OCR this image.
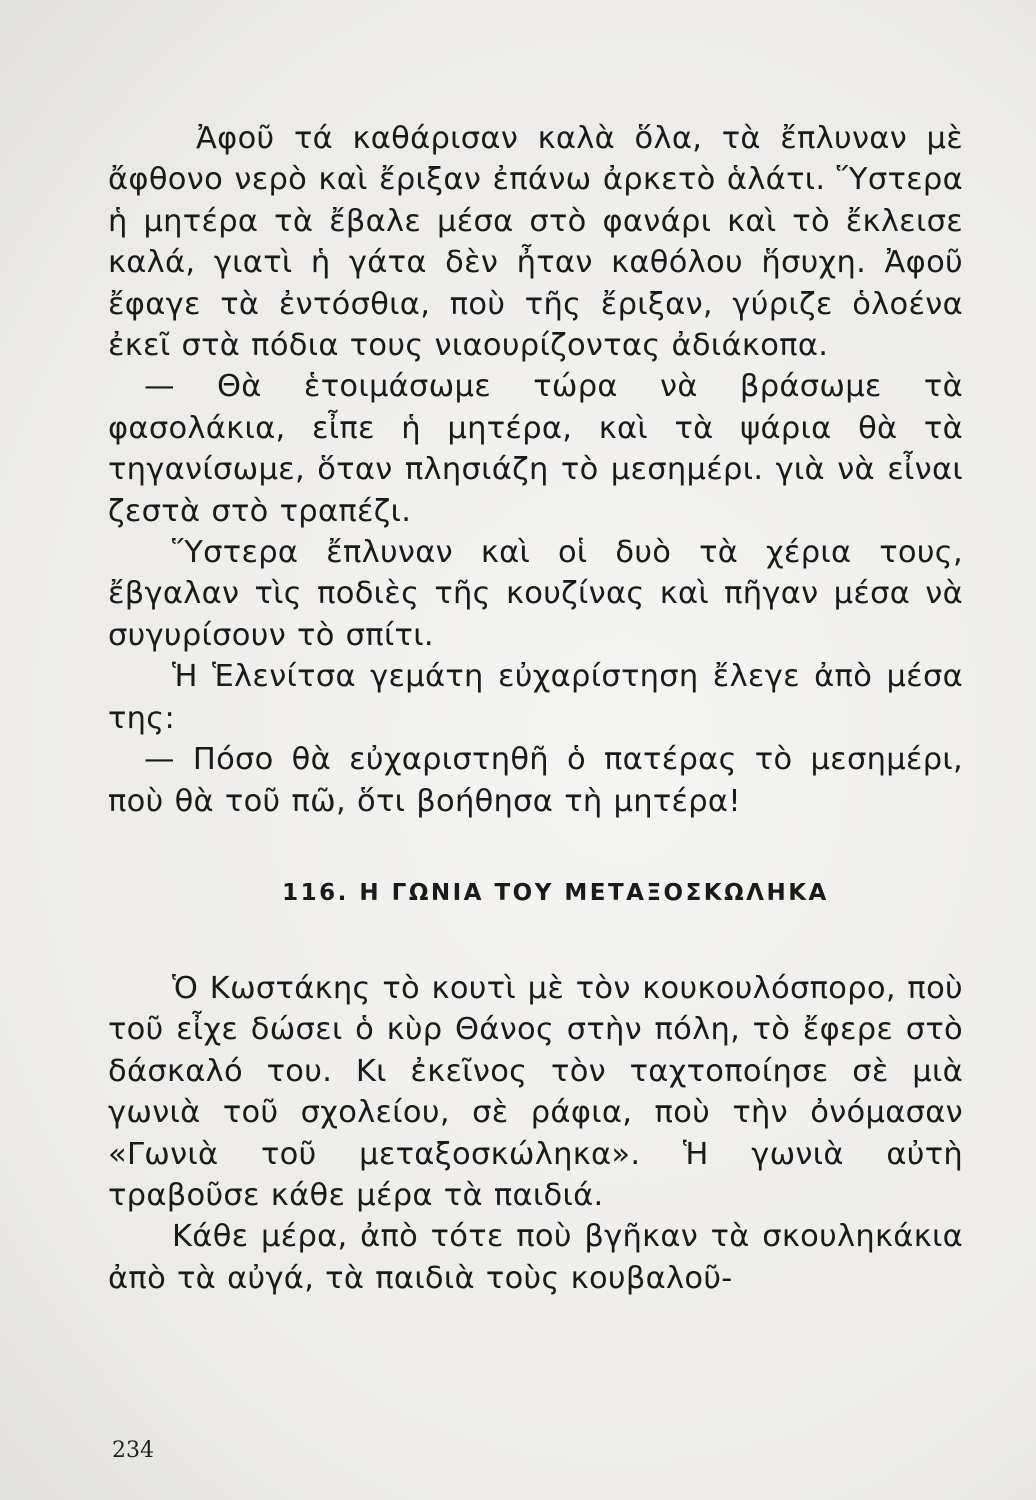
Ἀφοῦ τά καθάρισαν καλὰ ὅλα, τὰ ἔπλυναν μὲ ἄφθονο νερὸ καὶ ἔριξαν ἐπάνω ἀρκετὸ ἁλάτι. Ὕστερα ἡ μητέρα τὰ ἔβαλε μέσα στὸ φανάρι καὶ τὸ ἔκλεισε καλά, γιατὶ ἡ γάτα δὲν ἦταν καθόλου ἥσυχη. Ἀφοῦ ἔφαγε τὰ ἐντόσθια, ποὺ τῆς ἔριξαν, γύριζε ὁλοένα ἐκεῖ στὰ πόδια τους νιαουρίζοντας ἀδιάκοπα.

— Θὰ ἑτοιμάσωμε τώρα νὰ βράσωμε τὰ φασολάκια, εἶπε ἡ μητέρα, καὶ τὰ ψάρια θὰ τὰ τηγανίσωμε, ὅταν πλησιάζη τὸ μεσημέρι. γιὰ νὰ εἶναι ζεστὰ στὸ τραπέζι.

Ὕστερα ἔπλυναν καὶ οἱ δυὸ τὰ χέρια τους, ἔβγαλαν τὶς ποδιὲς τῆς κουζίνας καὶ πῆγαν μέσα νὰ συγυρίσουν τὸ σπίτι.

Ἡ Ἑλενίτσα γεμάτη εὐχαρίστηση ἔλεγε ἀπὸ μέσα της:

— Πόσο θὰ εὐχαριστηθῆ ὁ πατέρας τὸ μεσημέρι, ποὺ θὰ τοῦ πῶ, ὅτι βοήθησα τὴ μητέρα!

116. Η ΓΩΝΙΑ ΤΟΥ ΜΕΤΑΞΟΣΚΩΛΗΚΑ

Ὁ Κωστάκης τὸ κουτὶ μὲ τὸν κουκουλόσπορο, ποὺ τοῦ εἶχε δώσει ὁ κὺρ Θάνος στὴν πόλη, τὸ ἔφερε στὸ δάσκαλό του. Κι ἐκεῖνος τὸν ταχτοποίησε σὲ μιὰ γωνιὰ τοῦ σχολείου, σὲ ράφια, ποὺ τὴν ὀνόμασαν «Γωνιὰ τοῦ μεταξοσκώληκα». Ἡ γωνιὰ αὐτὴ τραβοῦσε κάθε μέρα τὰ παιδιά.

Κάθε μέρα, ἀπὸ τότε ποὺ βγῆκαν τὰ σκουληκάκια ἀπὸ τὰ αὐγά, τὰ παιδιὰ τοὺς κουβαλοῦ-

234
